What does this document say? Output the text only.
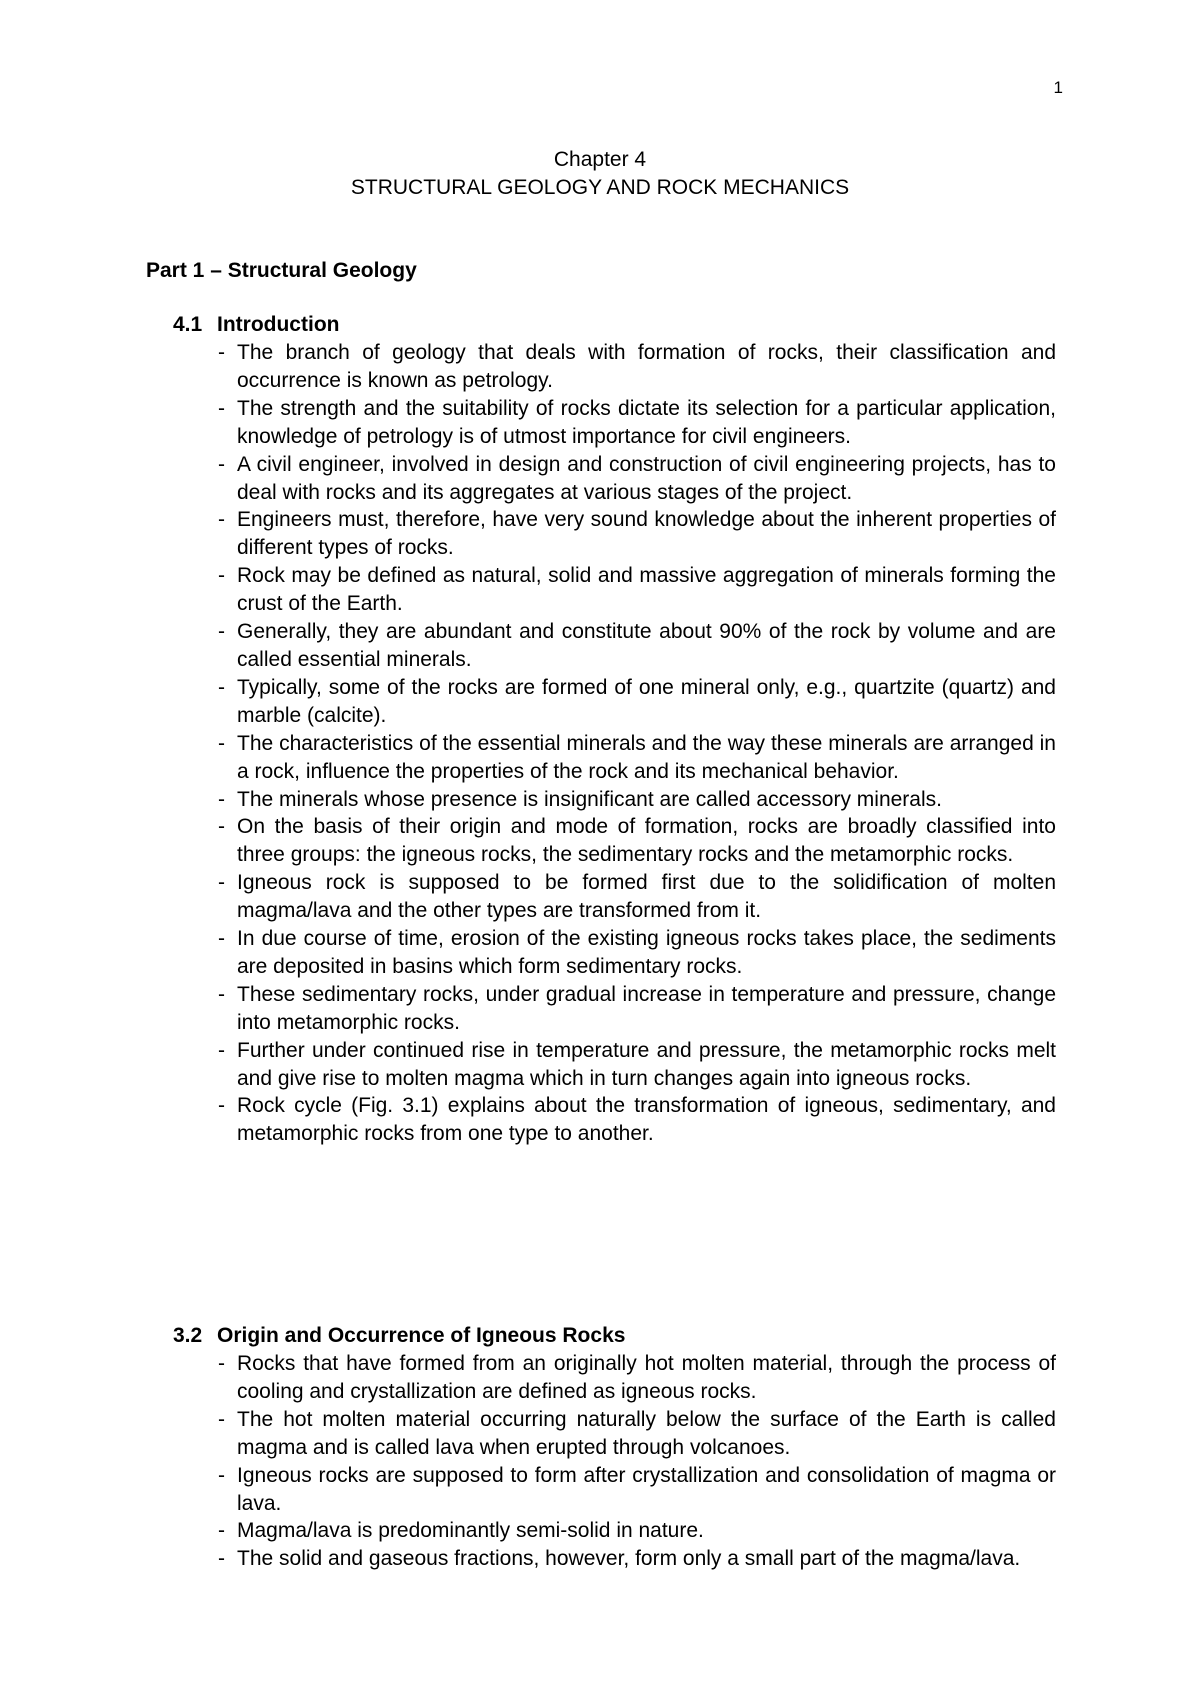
1
Chapter 4
STRUCTURAL GEOLOGY AND ROCK MECHANICS
Part 1 – Structural Geology
4.1 Introduction
- The branch of geology that deals with formation of rocks, their classification and occurrence is known as petrology.
- The strength and the suitability of rocks dictate its selection for a particular application, knowledge of petrology is of utmost importance for civil engineers.
- A civil engineer, involved in design and construction of civil engineering projects, has to deal with rocks and its aggregates at various stages of the project.
- Engineers must, therefore, have very sound knowledge about the inherent properties of different types of rocks.
- Rock may be defined as natural, solid and massive aggregation of minerals forming the crust of the Earth.
- Generally, they are abundant and constitute about 90% of the rock by volume and are called essential minerals.
- Typically, some of the rocks are formed of one mineral only, e.g., quartzite (quartz) and marble (calcite).
- The characteristics of the essential minerals and the way these minerals are arranged in a rock, influence the properties of the rock and its mechanical behavior.
- The minerals whose presence is insignificant are called accessory minerals.
- On the basis of their origin and mode of formation, rocks are broadly classified into three groups: the igneous rocks, the sedimentary rocks and the metamorphic rocks.
- Igneous rock is supposed to be formed first due to the solidification of molten magma/lava and the other types are transformed from it.
- In due course of time, erosion of the existing igneous rocks takes place, the sediments are deposited in basins which form sedimentary rocks.
- These sedimentary rocks, under gradual increase in temperature and pressure, change into metamorphic rocks.
- Further under continued rise in temperature and pressure, the metamorphic rocks melt and give rise to molten magma which in turn changes again into igneous rocks.
- Rock cycle (Fig. 3.1) explains about the transformation of igneous, sedimentary, and metamorphic rocks from one type to another.
3.2 Origin and Occurrence of Igneous Rocks
- Rocks that have formed from an originally hot molten material, through the process of cooling and crystallization are defined as igneous rocks.
- The hot molten material occurring naturally below the surface of the Earth is called magma and is called lava when erupted through volcanoes.
- Igneous rocks are supposed to form after crystallization and consolidation of magma or lava.
- Magma/lava is predominantly semi-solid in nature.
- The solid and gaseous fractions, however, form only a small part of the magma/lava.
